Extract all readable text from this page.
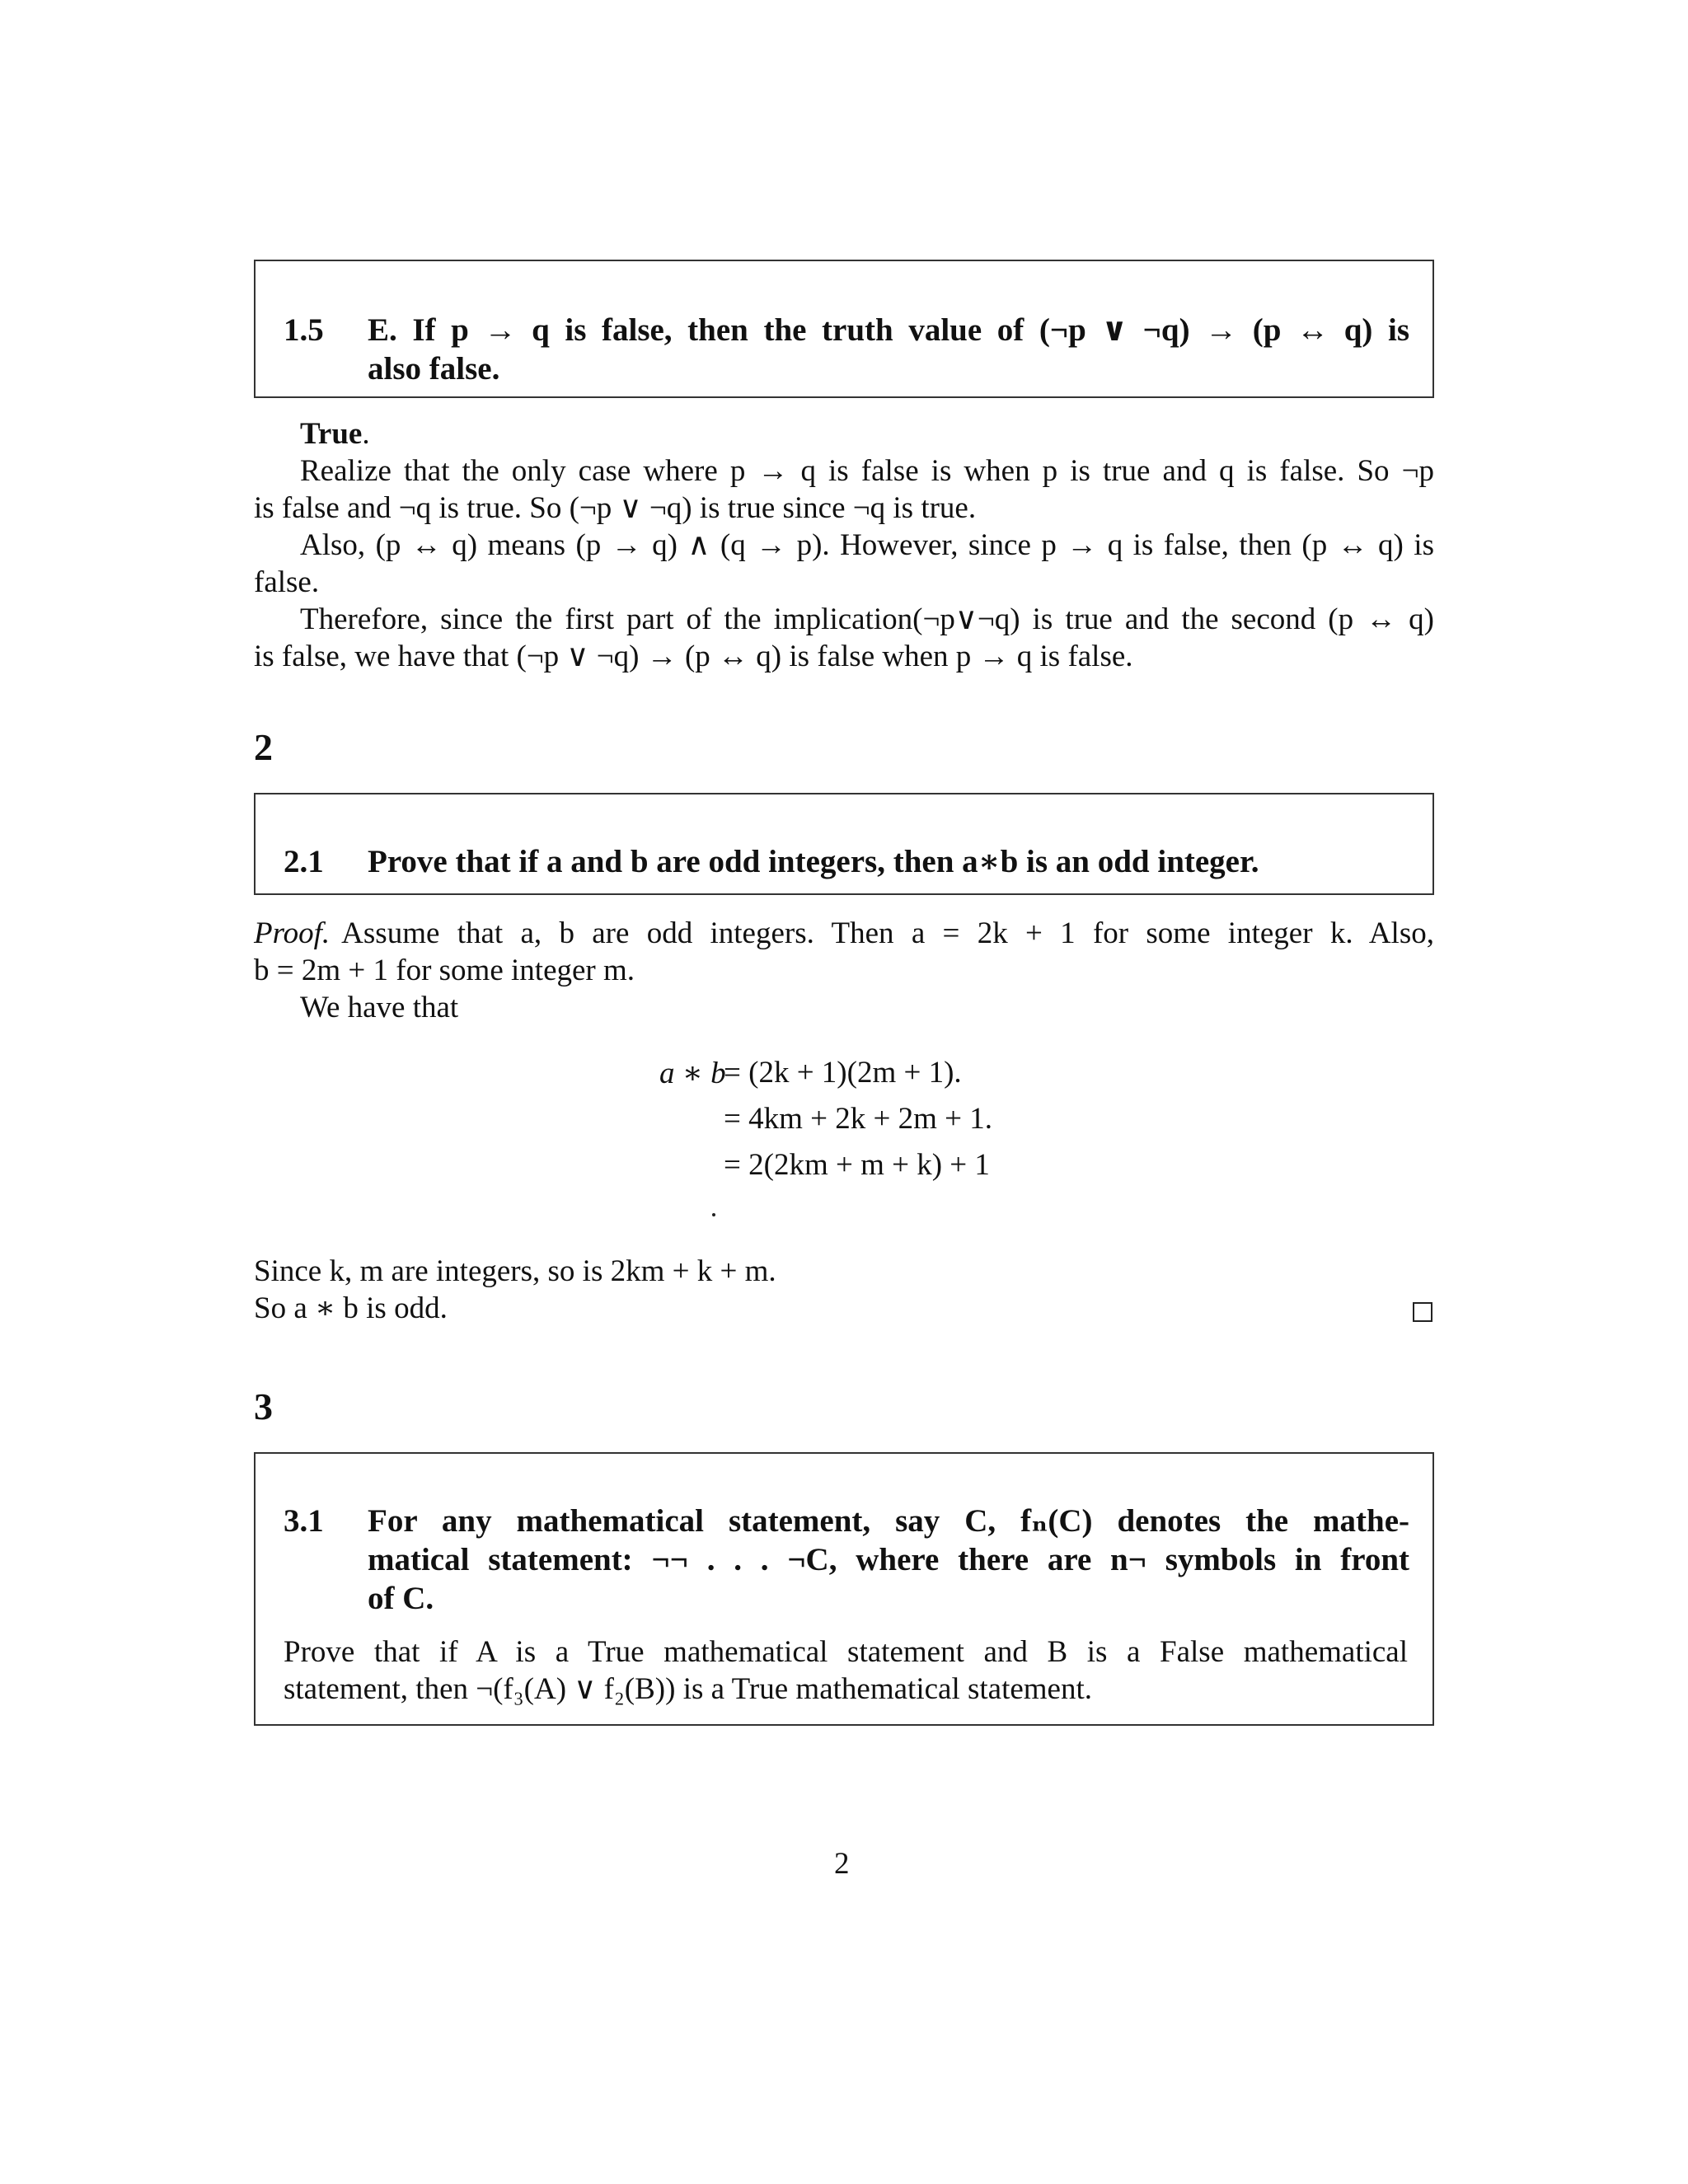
1.5	E. If p → q is false, then the truth value of (¬p ∨ ¬q) → (p ↔ q) is
also false.
True.
Realize that the only case where p → q is false is when p is true and q is false. So ¬p
is false and ¬q is true. So (¬p ∨ ¬q) is true since ¬q is true.
Also, (p ↔ q) means (p → q) ∧ (q → p). However, since p → q is false, then (p ↔ q) is
false.
Therefore, since the first part of the implication(¬p∨¬q) is true and the second (p ↔ q)
is false, we have that (¬p ∨ ¬q) → (p ↔ q) is false when p → q is false.
2
2.1	Prove that if a and b are odd integers, then a∗b is an odd integer.
Proof. Assume that a, b are odd integers. Then a = 2k + 1 for some integer k. Also,
b = 2m + 1 for some integer m.
We have that
a ∗ b
= (2k + 1)(2m + 1).
= 4km + 2k + 2m + 1.
= 2(2km + m + k) + 1
Since k, m are integers, so is 2km + k + m.
So a ∗ b is odd.
3
3.1	For any mathematical statement, say C, fₙ(C) denotes the mathe-
matical statement: ¬¬ . . . ¬C, where there are n¬ symbols in front
of C.
Prove that if A is a True mathematical statement and B is a False mathematical
statement, then ¬(f₃(A) ∨ f₂(B)) is a True mathematical statement.
2
